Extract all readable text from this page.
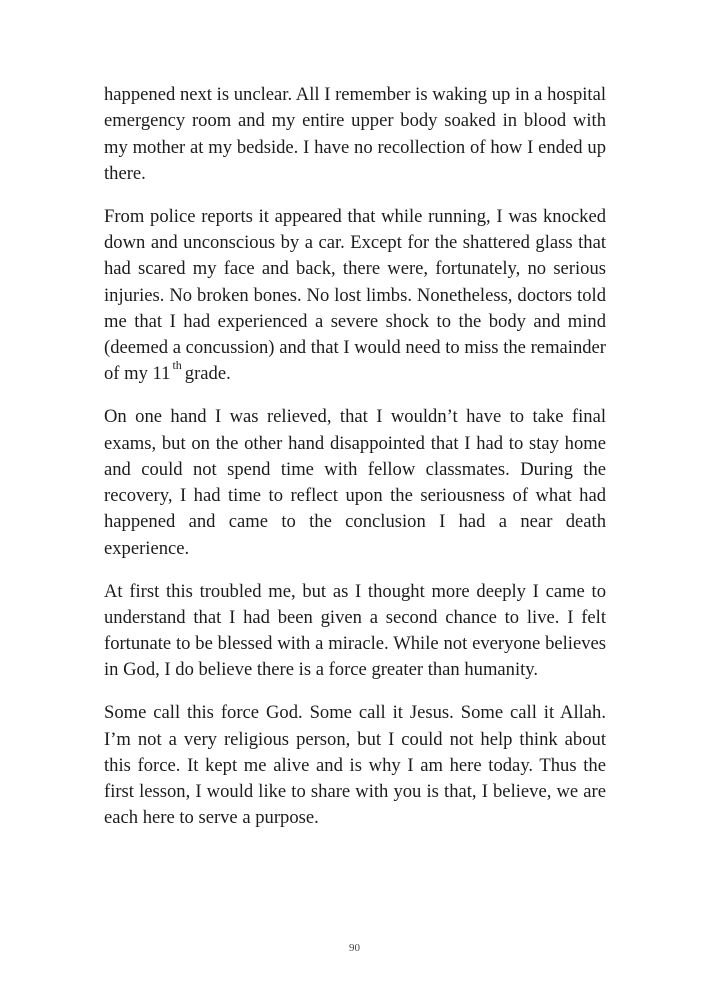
happened next is unclear. All I remember is waking up in a hospital emergency room and my entire upper body soaked in blood with my mother at my bedside. I have no recollection of how I ended up there.

From police reports it appeared that while running, I was knocked down and unconscious by a car. Except for the shattered glass that had scared my face and back, there were, fortunately, no serious injuries. No broken bones. No lost limbs. Nonetheless, doctors told me that I had experienced a severe shock to the body and mind (deemed a concussion) and that I would need to miss the remainder of my 11 $^{th}$ grade.

On one hand I was relieved, that I wouldn’t have to take final exams, but on the other hand disappointed that I had to stay home and could not spend time with fellow classmates. During the recovery, I had time to reflect upon the seriousness of what had happened and came to the conclusion I had a near death experience.

At first this troubled me, but as I thought more deeply I came to understand that I had been given a second chance to live. I felt fortunate to be blessed with a miracle. While not everyone believes in God, I do believe there is a force greater than humanity.

Some call this force God. Some call it Jesus. Some call it Allah. I’m not a very religious person, but I could not help think about this force. It kept me alive and is why I am here today. Thus the first lesson, I would like to share with you is that, I believe, we are each here to serve a purpose.

90
